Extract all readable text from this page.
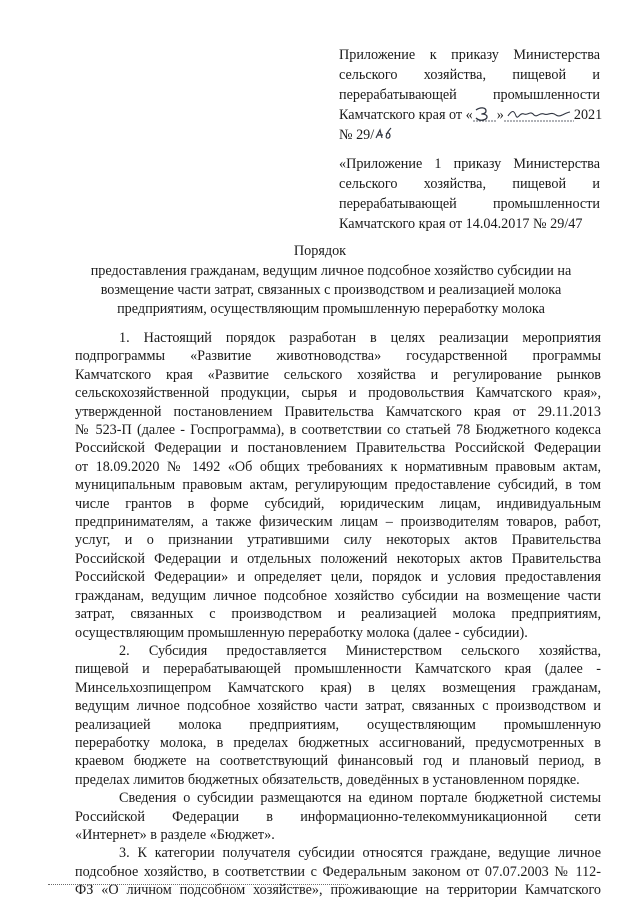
Приложение к приказу Министерства
сельского хозяйства, пищевой и
перерабатывающей промышленности
Камчатского края от « »	2021
№ 29/
«Приложение 1 приказу Министерства
сельского хозяйства, пищевой и
перерабатывающей промышленности
Камчатского края от 14.04.2017 № 29/47
Порядок
предоставления гражданам, ведущим личное подсобное хозяйство субсидии на
возмещение части затрат, связанных с производством и реализацией молока
предприятиям, осуществляющим промышленную переработку молока
1. Настоящий порядок разработан в целях реализации мероприятия
подпрограммы «Развитие животноводства» государственной программы
Камчатского края «Развитие сельского хозяйства и регулирование рынков
сельскохозяйственной продукции, сырья и продовольствия Камчатского края»,
утвержденной постановлением Правительства Камчатского края от 29.11.2013
№ 523-П (далее - Госпрограмма), в соответствии со статьей 78 Бюджетного кодекса
Российской Федерации и постановлением Правительства Российской Федерации
от 18.09.2020 № 1492 «Об общих требованиях к нормативным правовым актам,
муниципальным правовым актам, регулирующим предоставление субсидий, в том
числе грантов в форме субсидий, юридическим лицам, индивидуальным
предпринимателям, а также физическим лицам – производителям товаров, работ,
услуг, и о признании утратившими силу некоторых актов Правительства
Российской Федерации и отдельных положений некоторых актов Правительства
Российской Федерации» и определяет цели, порядок и условия предоставления
гражданам, ведущим личное подсобное хозяйство субсидии на возмещение части
затрат, связанных с производством и реализацией молока предприятиям,
осуществляющим промышленную переработку молока (далее - субсидии).
2. Субсидия предоставляется Министерством сельского хозяйства,
пищевой и перерабатывающей промышленности Камчатского края (далее -
Минсельхозпищепром Камчатского края) в целях возмещения гражданам,
ведущим личное подсобное хозяйство части затрат, связанных с производством и
реализацией молока предприятиям, осуществляющим промышленную
переработку молока, в пределах бюджетных ассигнований, предусмотренных в
краевом бюджете на соответствующий финансовый год и плановый период, в
пределах лимитов бюджетных обязательств, доведённых в установленном порядке.
Сведения о субсидии размещаются на едином портале бюджетной системы
Российской Федерации в информационно-телекоммуникационной сети
«Интернет» в разделе «Бюджет».
3. К категории получателя субсидии относятся граждане, ведущие личное
подсобное хозяйство, в соответствии с Федеральным законом от 07.07.2003 № 112-
ФЗ «О личном подсобном хозяйстве», проживающие на территории Камчатского
